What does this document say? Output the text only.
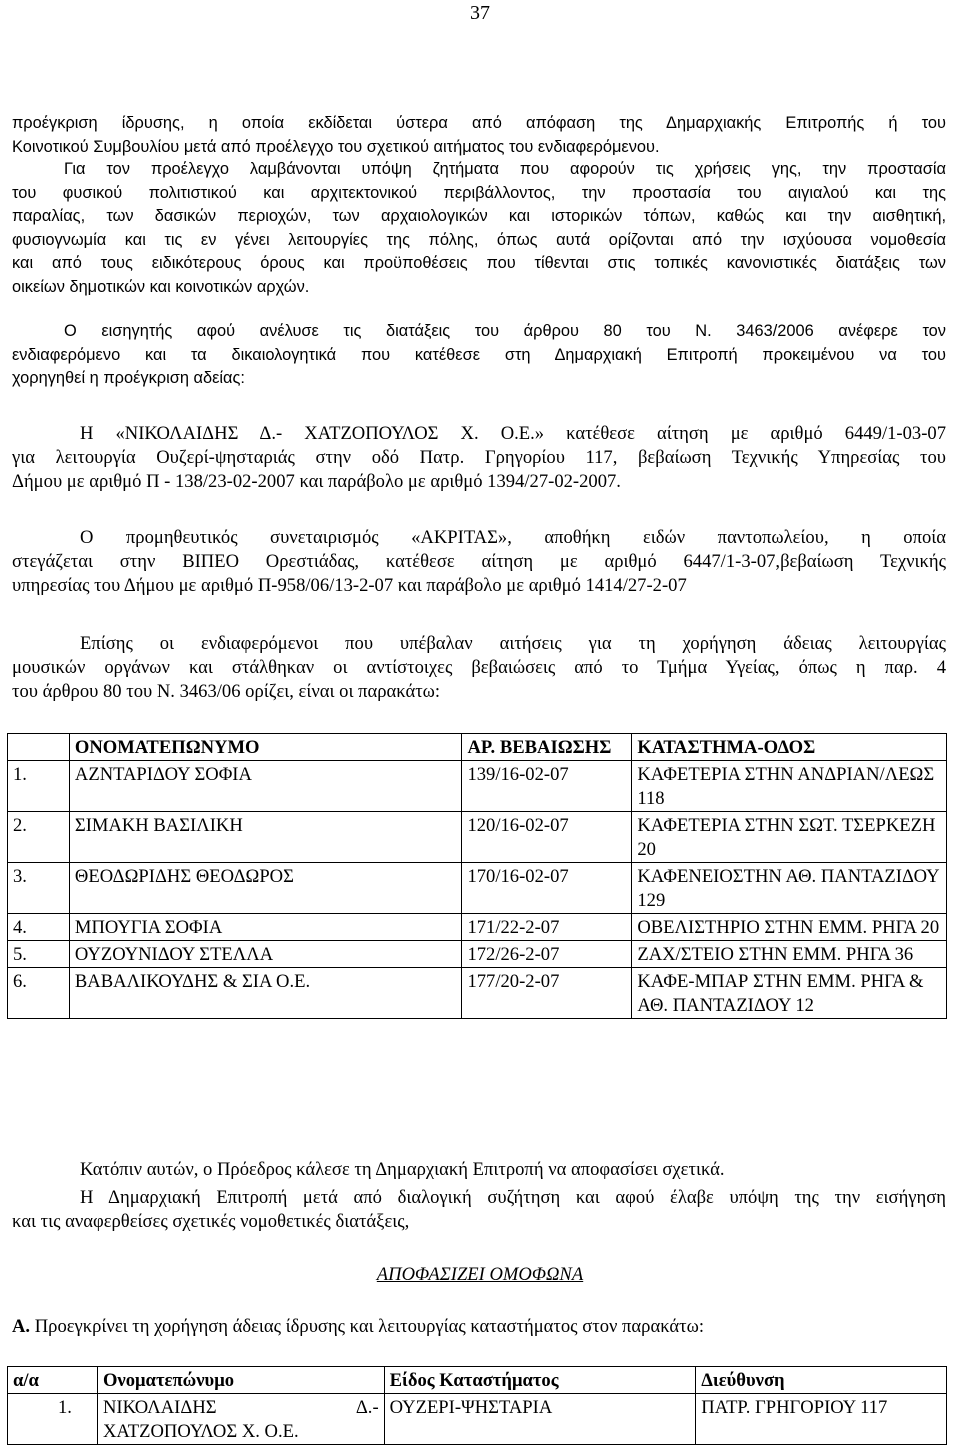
37
προέγκριση ίδρυσης, η οποία εκδίδεται ύστερα από απόφαση της Δημαρχιακής Επιτροπής ή του
Κοινοτικού Συμβουλίου μετά από προέλεγχο του σχετικού αιτήματος του ενδιαφερόμενου.
Για τον προέλεγχο λαμβάνονται υπόψη ζητήματα που αφορούν τις χρήσεις γης, την προστασία
του φυσικού πολιτιστικού και αρχιτεκτονικού περιβάλλοντος, την προστασία του αιγιαλού και της
παραλίας, των δασικών περιοχών, των αρχαιολογικών και ιστορικών τόπων, καθώς και την αισθητική,
φυσιογνωμία και τις εν γένει λειτουργίες της πόλης, όπως αυτά ορίζονται από την ισχύουσα νομοθεσία
και από τους ειδικότερους όρους και προϋποθέσεις που τίθενται στις τοπικές κανονιστικές διατάξεις των
οικείων δημοτικών και κοινοτικών αρχών.
Ο εισηγητής αφού ανέλυσε τις διατάξεις του άρθρου 80 του Ν. 3463/2006 ανέφερε τον
ενδιαφερόμενο και τα δικαιολογητικά που κατέθεσε στη Δημαρχιακή Επιτροπή προκειμένου να του
χορηγηθεί η προέγκριση αδείας:
Η «ΝΙΚΟΛΑΙΔΗΣ Δ.- ΧΑΤΖΟΠΟΥΛΟΣ Χ. Ο.Ε.» κατέθεσε αίτηση με αριθμό 6449/1-03-07
για λειτουργία Ουζερί-ψησταριάς στην οδό Πατρ. Γρηγορίου 117, βεβαίωση Τεχνικής Υπηρεσίας του
Δήμου με αριθμό Π - 138/23-02-2007 και παράβολο με αριθμό 1394/27-02-2007.
Ο προμηθευτικός συνεταιρισμός «ΑΚΡΙΤΑΣ», αποθήκη ειδών παντοπωλείου, η οποία
στεγάζεται στην ΒΙΠΕΟ Ορεστιάδας, κατέθεσε αίτηση με αριθμό 6447/1-3-07,βεβαίωση Τεχνικής
υπηρεσίας του Δήμου με αριθμό Π-958/06/13-2-07 και παράβολο με αριθμό 1414/27-2-07
Επίσης οι ενδιαφερόμενοι που υπέβαλαν αιτήσεις για τη χορήγηση άδειας λειτουργίας
μουσικών οργάνων και στάλθηκαν οι αντίστοιχες βεβαιώσεις από το Τμήμα Υγείας, όπως η παρ. 4
του άρθρου 80 του Ν. 3463/06 ορίζει, είναι οι παρακάτω:
	ΟΝΟΜΑΤΕΠΩΝΥΜΟ	ΑΡ. ΒΕΒΑΙΩΣΗΣ	ΚΑΤΑΣΤΗΜΑ-ΟΔΟΣ
1.	ΑΖΝΤΑΡΙΔΟΥ ΣΟΦΙΑ	139/16-02-07	ΚΑΦΕΤΕΡΙΑ ΣΤΗΝ ΑΝΔΡΙΑΝ/ΛΕΩΣ 118
2.	ΣΙΜΑΚΗ ΒΑΣΙΛΙΚΗ	120/16-02-07	ΚΑΦΕΤΕΡΙΑ ΣΤΗΝ ΣΩΤ. ΤΣΕΡΚΕΖΗ 20
3.	ΘΕΟΔΩΡΙΔΗΣ ΘΕΟΔΩΡΟΣ	170/16-02-07	ΚΑΦΕΝΕΙΟΣΤΗΝ ΑΘ. ΠΑΝΤΑΖΙΔΟΥ 129
4.	ΜΠΟΥΓΙΑ ΣΟΦΙΑ	171/22-2-07	ΟΒΕΛΙΣΤΗΡΙΟ ΣΤΗΝ ΕΜΜ. ΡΗΓΑ 20
5.	ΟΥΖΟΥΝΙΔΟΥ ΣΤΕΛΛΑ	172/26-2-07	ΖΑΧ/ΣΤΕΙΟ ΣΤΗΝ ΕΜΜ. ΡΗΓΑ 36
6.	ΒΑΒΑΛΙΚΟΥΔΗΣ & ΣΙΑ Ο.Ε.	177/20-2-07	ΚΑΦΕ-ΜΠΑΡ ΣΤΗΝ ΕΜΜ. ΡΗΓΑ & ΑΘ. ΠΑΝΤΑΖΙΔΟΥ 12
Κατόπιν αυτών, ο Πρόεδρος κάλεσε τη Δημαρχιακή Επιτροπή να αποφασίσει σχετικά.
Η Δημαρχιακή Επιτροπή μετά από διαλογική συζήτηση και αφού έλαβε υπόψη της την εισήγηση
και τις αναφερθείσες σχετικές νομοθετικές διατάξεις,
ΑΠΟΦΑΣΙΖΕΙ ΟΜΟΦΩΝΑ
Α. Προεγκρίνει τη χορήγηση άδειας ίδρυσης και λειτουργίας καταστήματος στον παρακάτω:
α/α	Ονοματεπώνυμο	Είδος Καταστήματος	Διεύθυνση
1.	ΝΙΚΟΛΑΙΔΗΣ Δ.- ΧΑΤΖΟΠΟΥΛΟΣ Χ. Ο.Ε.	ΟΥΖΕΡΙ-ΨΗΣΤΑΡΙΑ	ΠΑΤΡ. ΓΡΗΓΟΡΙΟΥ 117
